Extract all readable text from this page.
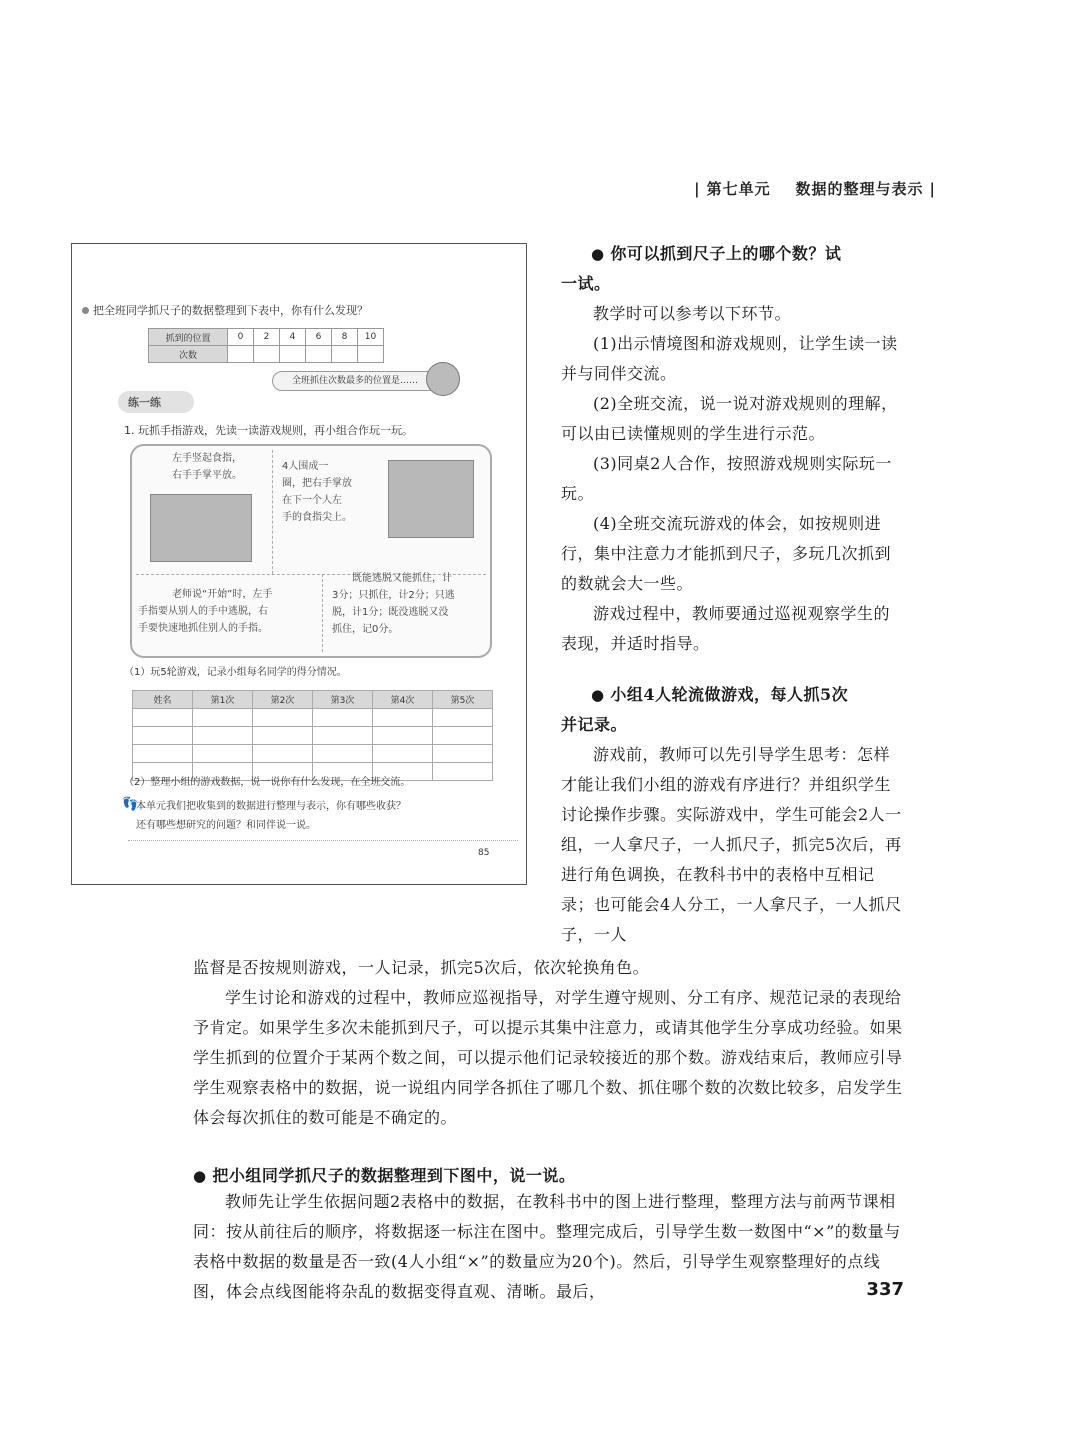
| 第七单元 数据的整理与表示 |
把全班同学抓尺子的数据整理到下表中，你有什么发现？
抓到的位置	0	2	4	6	8	10
次数						
全班抓住次数最多的位置是……
练一练
1. 玩抓手指游戏，先读一读游戏规则，再小组合作玩一玩。
左手竖起食指，
右手手掌平放。
4人围成一
圈，把右手掌放
在下一个人左
手的食指尖上。
老师说“开始”时，左手
手指要从别人的手中逃脱，右
手要快速地抓住别人的手指。
既能逃脱又能抓住，计
3分；只抓住，计2分；只逃
脱，计1分；既没逃脱又没
抓住，记0分。
（1）玩5轮游戏，记录小组每名同学的得分情况。
姓名	第1次	第2次	第3次	第4次	第5次

（2）整理小组的游戏数据，说一说你有什么发现，在全班交流。
👣
本单元我们把收集到的数据进行整理与表示，你有哪些收获？
还有哪些想研究的问题？和同伴说一说。
85
● 你可以抓到尺子上的哪个数？试
一试。

教学时可以参考以下环节。

(1)出示情境图和游戏规则，让学生读一读并与同伴交流。

(2)全班交流，说一说对游戏规则的理解，可以由已读懂规则的学生进行示范。

(3)同桌2人合作，按照游戏规则实际玩一玩。

(4)全班交流玩游戏的体会，如按规则进行，集中注意力才能抓到尺子，多玩几次抓到的数就会大一些。

游戏过程中，教师要通过巡视观察学生的表现，并适时指导。

● 小组4人轮流做游戏，每人抓5次
并记录。

游戏前，教师可以先引导学生思考：怎样才能让我们小组的游戏有序进行？并组织学生讨论操作步骤。实际游戏中，学生可能会2人一组，一人拿尺子，一人抓尺子，抓完5次后，再进行角色调换，在教科书中的表格中互相记录；也可能会4人分工，一人拿尺子，一人抓尺子，一人

监督是否按规则游戏，一人记录，抓完5次后，依次轮换角色。

学生讨论和游戏的过程中，教师应巡视指导，对学生遵守规则、分工有序、规范记录的表现给予肯定。如果学生多次未能抓到尺子，可以提示其集中注意力，或请其他学生分享成功经验。如果学生抓到的位置介于某两个数之间，可以提示他们记录较接近的那个数。游戏结束后，教师应引导学生观察表格中的数据，说一说组内同学各抓住了哪几个数、抓住哪个数的次数比较多，启发学生体会每次抓住的数可能是不确定的。

● 把小组同学抓尺子的数据整理到下图中，说一说。

教师先让学生依据问题2表格中的数据，在教科书中的图上进行整理，整理方法与前两节课相同：按从前往后的顺序，将数据逐一标注在图中。整理完成后，引导学生数一数图中“×”的数量与表格中数据的数量是否一致(4人小组“×”的数量应为20个)。然后，引导学生观察整理好的点线图，体会点线图能将杂乱的数据变得直观、清晰。最后，	337
